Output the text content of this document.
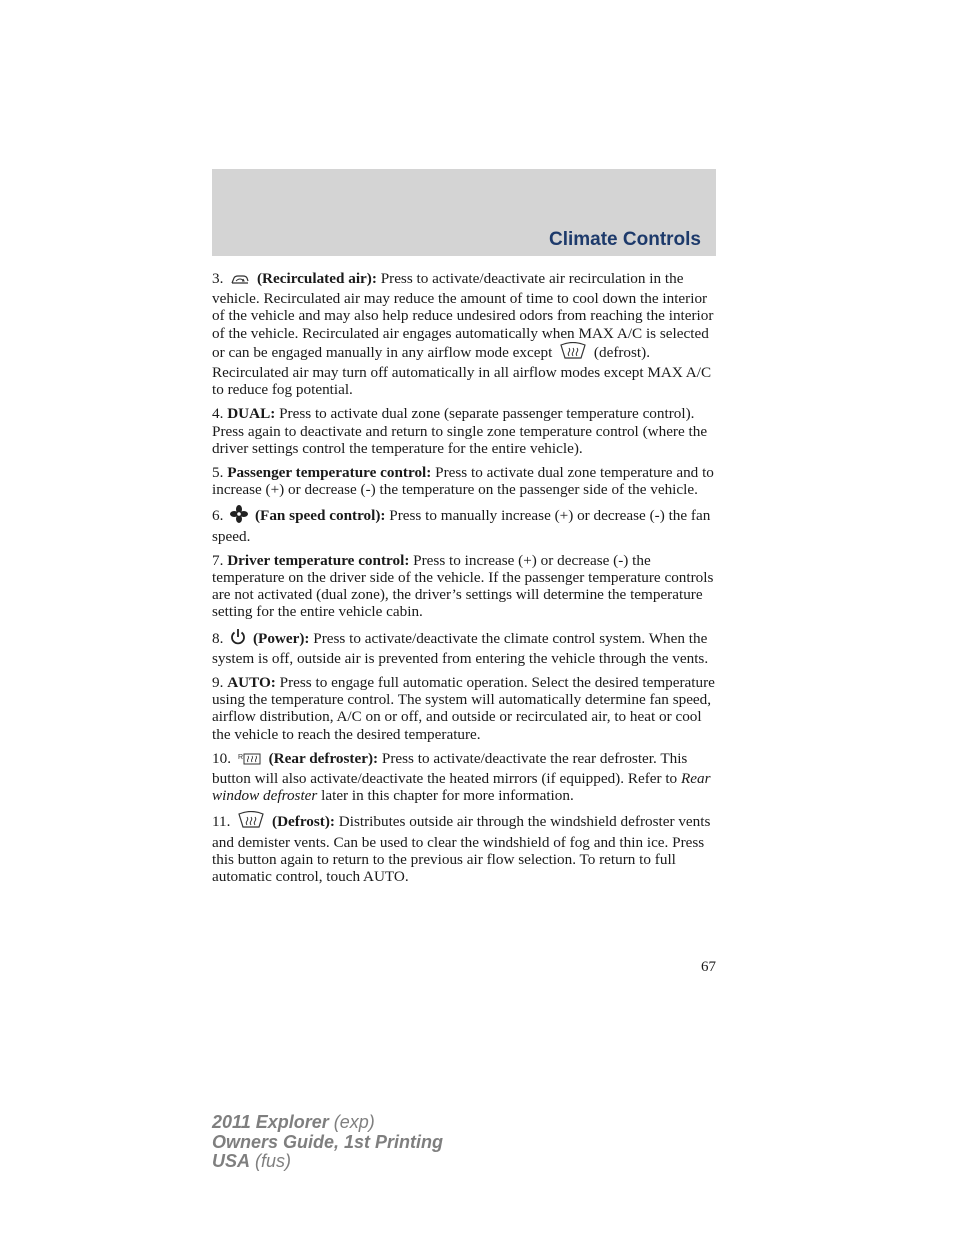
Climate Controls

3. (Recirculated air): Press to activate/deactivate air recirculation in the vehicle. Recirculated air may reduce the amount of time to cool down the interior of the vehicle and may also help reduce undesired odors from reaching the interior of the vehicle. Recirculated air engages automatically when MAX A/C is selected or can be engaged manually in any airflow mode except  (defrost). Recirculated air may turn off automatically in all airflow modes except MAX A/C to reduce fog potential.

4. DUAL: Press to activate dual zone (separate passenger temperature control). Press again to deactivate and return to single zone temperature control (where the driver settings control the temperature for the entire vehicle).

5. Passenger temperature control: Press to activate dual zone temperature and to increase (+) or decrease (-) the temperature on the passenger side of the vehicle.

6. (Fan speed control): Press to manually increase (+) or decrease (-) the fan speed.

7. Driver temperature control: Press to increase (+) or decrease (-) the temperature on the driver side of the vehicle. If the passenger temperature controls are not activated (dual zone), the driver’s settings will determine the temperature setting for the entire vehicle cabin.

8. (Power): Press to activate/deactivate the climate control system. When the system is off, outside air is prevented from entering the vehicle through the vents.

9. AUTO: Press to engage full automatic operation. Select the desired temperature using the temperature control. The system will automatically determine fan speed, airflow distribution, A/C on or off, and outside or recirculated air, to heat or cool the vehicle to reach the desired temperature.

10. R (Rear defroster): Press to activate/deactivate the rear defroster. This button will also activate/deactivate the heated mirrors (if equipped). Refer to Rear window defroster later in this chapter for more information.

11.	(Defrost): Distributes outside air through the windshield defroster vents and demister vents. Can be used to clear the windshield of fog and thin ice. Press this button again to return to the previous air flow selection. To return to full automatic control, touch AUTO.

67
2011 Explorer (exp)
Owners Guide, 1st Printing
USA (fus)
